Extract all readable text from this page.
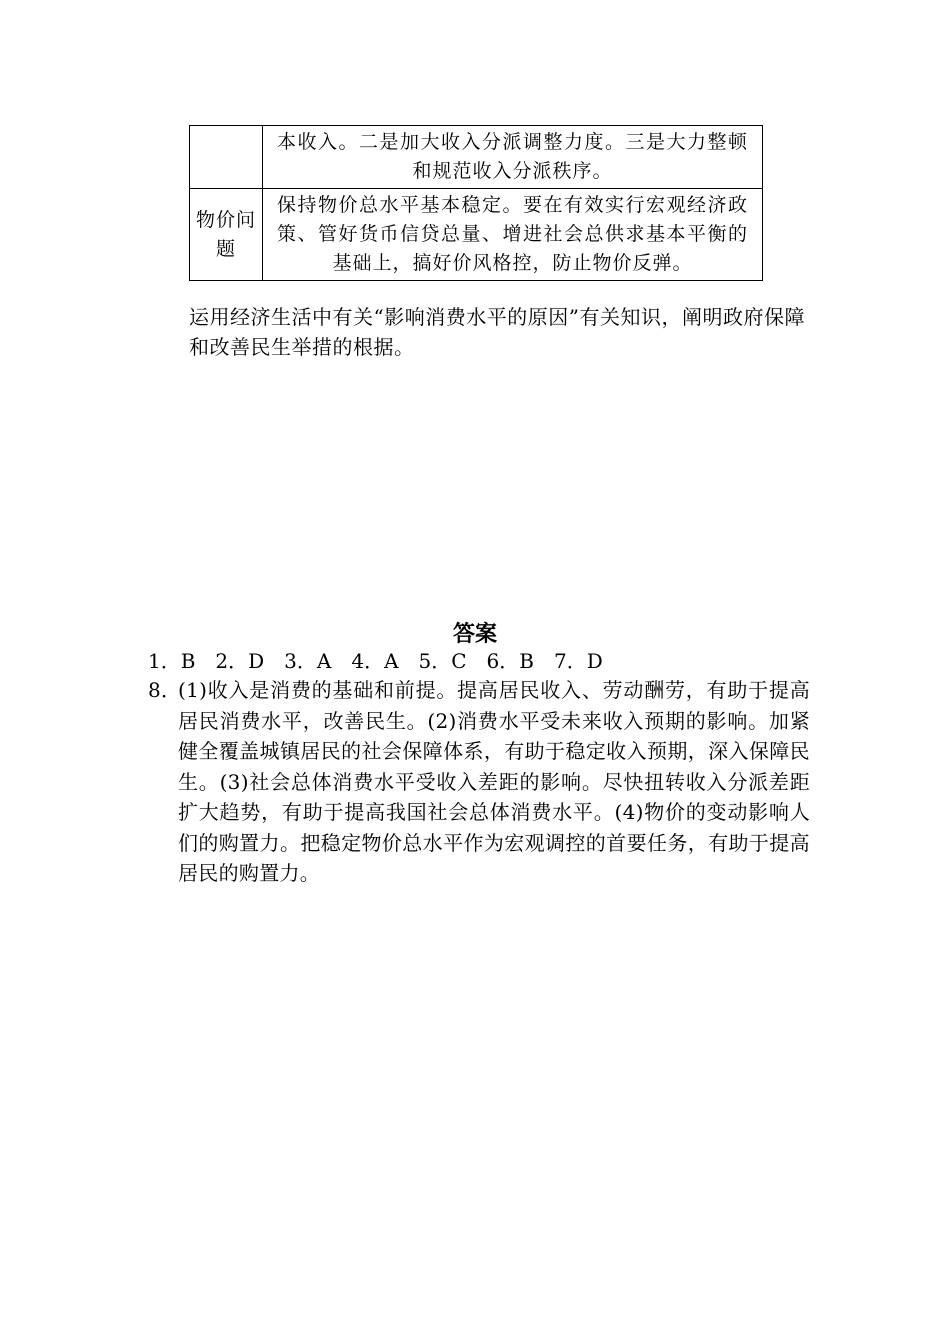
	本收入。二是加大收入分派调整力度。三是大力整顿和规范收入分派秩序。
物价问题	保持物价总水平基本稳定。要在有效实行宏观经济政策、管好货币信贷总量、增进社会总供求基本平衡的基础上，搞好价风格控，防止物价反弹。
运用经济生活中有关“影响消费水平的原因”有关知识，阐明政府保障和改善民生举措的根据。
答案
1．B　2．D　3．A　4．A　5．C　6．B　7．D
8．
(1)收入是消费的基础和前提。提高居民收入、劳动酬劳，有助于提高居民消费水平，改善民生。(2)消费水平受未来收入预期的影响。加紧健全覆盖城镇居民的社会保障体系，有助于稳定收入预期，深入保障民生。(3)社会总体消费水平受收入差距的影响。尽快扭转收入分派差距扩大趋势，有助于提高我国社会总体消费水平。(4)物价的变动影响人们的购置力。把稳定物价总水平作为宏观调控的首要任务，有助于提高居民的购置力。
